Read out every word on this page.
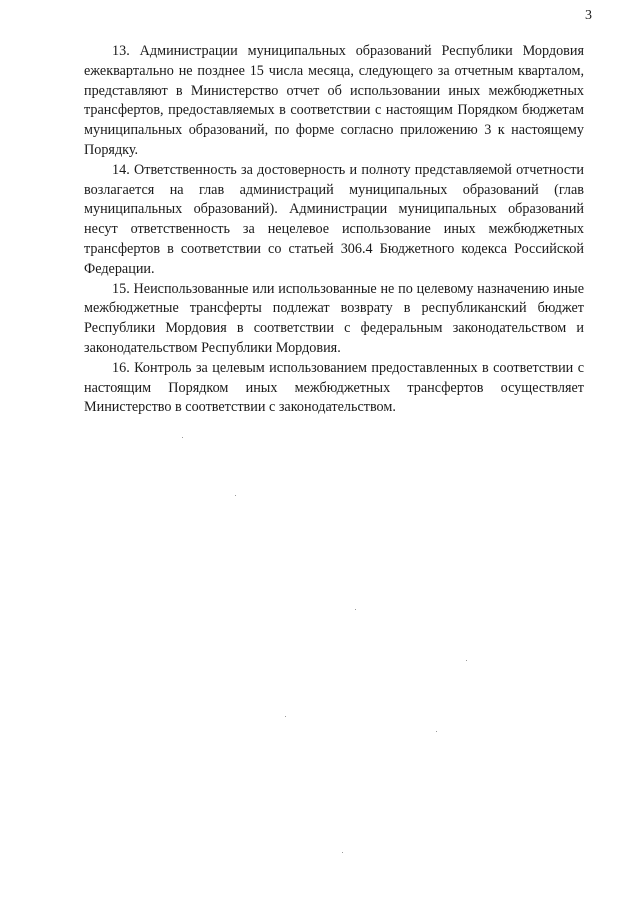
3

13. Администрации муниципальных образований Республики Мордовия ежеквартально не позднее 15 числа месяца, следующего за отчетным кварталом, представляют в Министерство отчет об использовании иных межбюджетных трансфертов, предоставляемых в соответствии с настоящим Порядком бюджетам муниципальных образований, по форме согласно приложению 3 к настоящему Порядку.

14. Ответственность за достоверность и полноту представляемой отчетности возлагается на глав администраций муниципальных образований (глав муниципальных образований). Администрации муниципальных образований несут ответственность за нецелевое использование иных межбюджетных трансфертов в соответствии со статьей 306.4 Бюджетного кодекса Российской Федерации.

15. Неиспользованные или использованные не по целевому назначению иные межбюджетные трансферты подлежат возврату в республиканский бюджет Республики Мордовия в соответствии с федеральным законодательством и законодательством Республики Мордовия.

16. Контроль за целевым использованием предоставленных в соответствии с настоящим Порядком иных межбюджетных трансфертов осуществляет Министерство в соответствии с законодательством.
